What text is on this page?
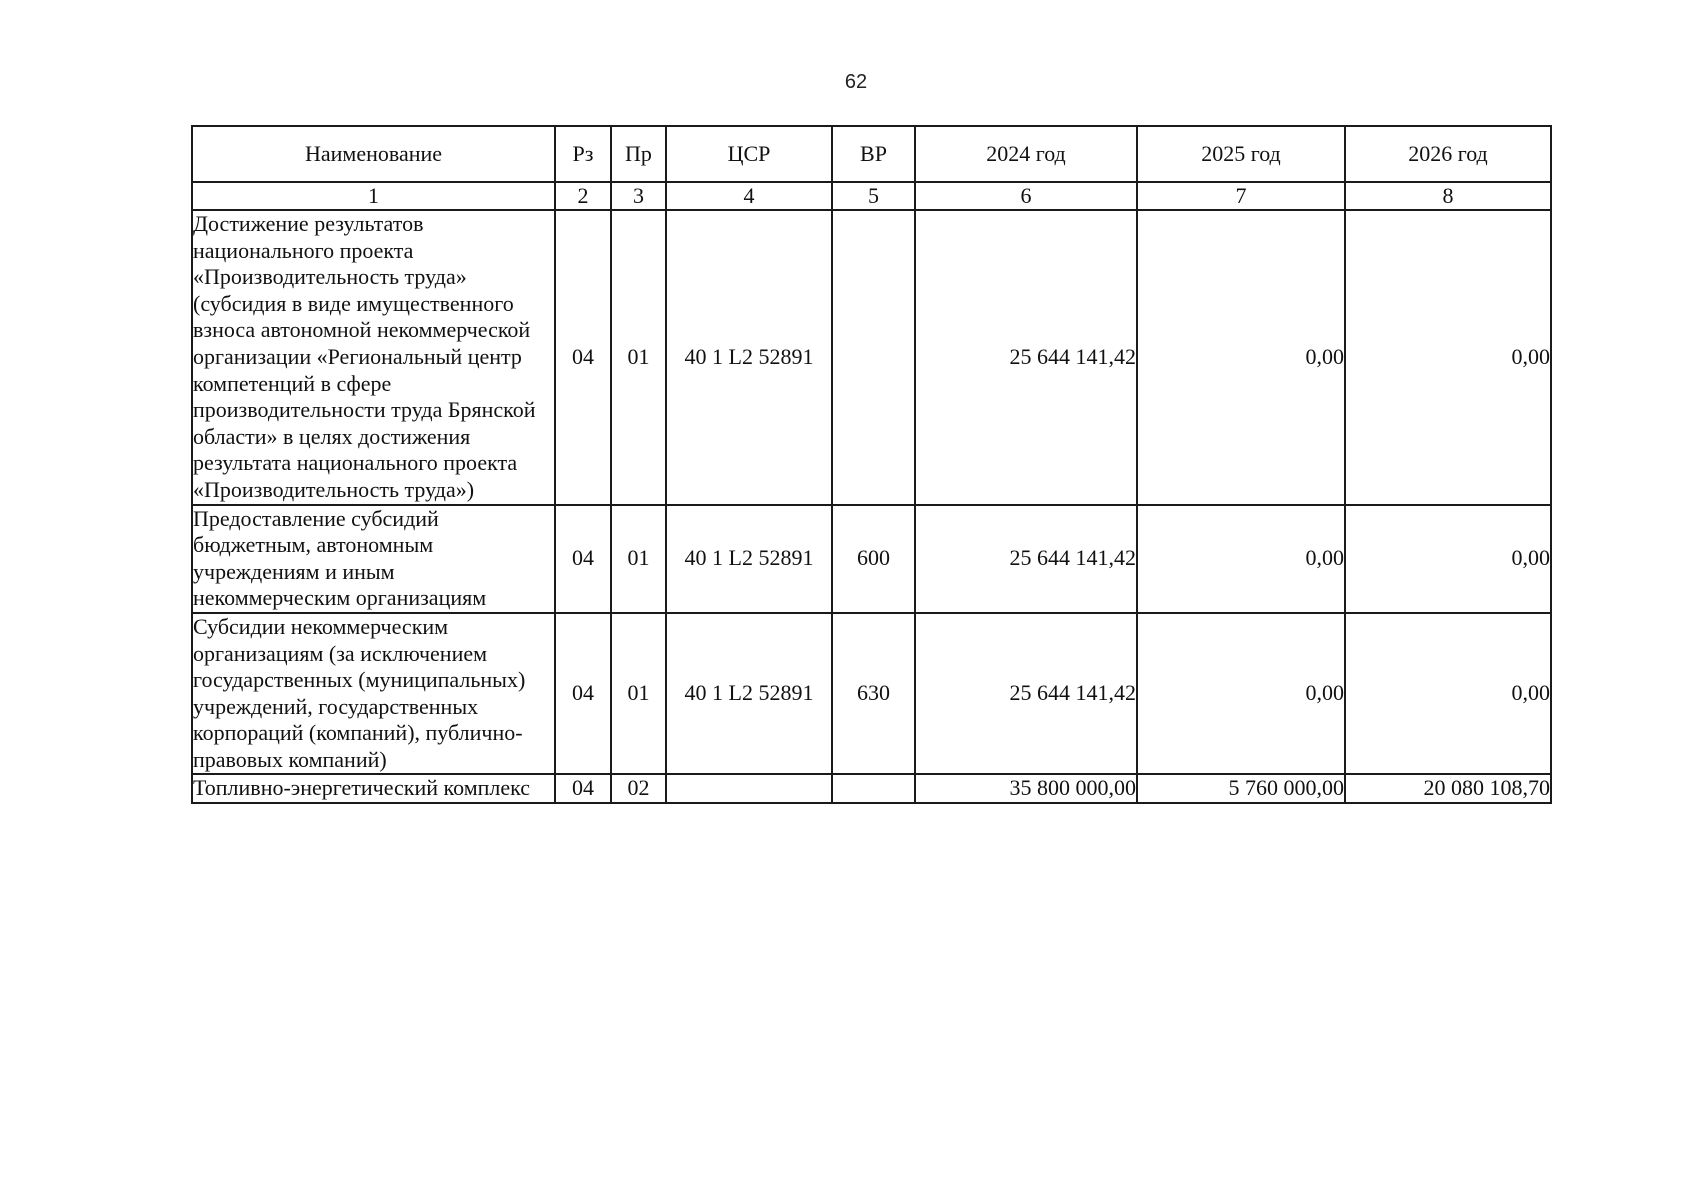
62
Наименование	Рз	Пр	ЦСР	ВР	2024 год	2025 год	2026 год
1	2	3	4	5	6	7	8
Достижение результатов национального проекта «Производительность труда» (субсидия в виде имущественного взноса автономной некоммерческой организации «Региональный центр компетенций в сфере производительности труда Брянской области» в целях достижения результата национального проекта «Производительность труда»)	04	01	40 1 L2 52891		25 644 141,42	0,00	0,00
Предоставление субсидий бюджетным, автономным учреждениям и иным некоммерческим организациям	04	01	40 1 L2 52891	600	25 644 141,42	0,00	0,00
Субсидии некоммерческим организациям (за исключением государственных (муниципальных) учреждений, государственных корпораций (компаний), публично-правовых компаний)	04	01	40 1 L2 52891	630	25 644 141,42	0,00	0,00
Топливно-энергетический комплекс	04	02			35 800 000,00	5 760 000,00	20 080 108,70
